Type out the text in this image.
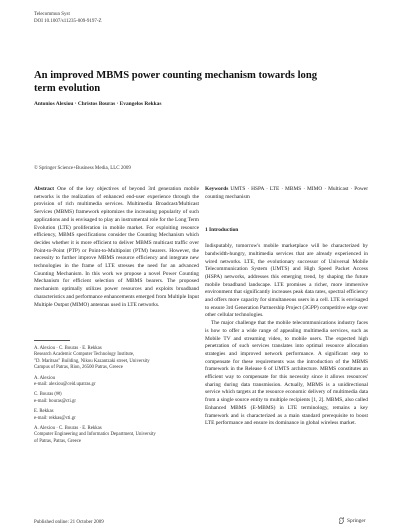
Telecommun Syst
DOI 10.1007/s11235-009-9197-Z
An improved MBMS power counting mechanism towards long term evolution
Antonios Alexiou · Christos Bouras · Evangelos Rekkas
© Springer Science+Business Media, LLC 2009

Abstract One of the key objectives of beyond 3rd generation mobile networks is the realization of enhanced end-user experience through the provision of rich multimedia services. Multimedia Broadcast/Multicast Services (MBMS) framework epitomizes the increasing popularity of such applications and is envisaged to play an instrumental role for the Long Term Evolution (LTE) proliferation in mobile market. For exploiting resource efficiency, MBMS specifications consider the Counting Mechanism which decides whether it is more efficient to deliver MBMS multicast traffic over Point-to-Point (PTP) or Point-to-Multipoint (PTM) bearers. However, the necessity to further improve MBMS resource efficiency and integrate new technologies in the frame of LTE stresses the need for an advanced Counting Mechanism. In this work we propose a novel Power Counting Mechanism for efficient selection of MBMS bearers. The proposed mechanism optimally utilizes power resources and exploits broadband characteristics and performance enhancements emerged from Multiple Input Multiple Output (MIMO) antennas used in LTE networks.

A. Alexiou · C. Bouras · E. Rekkas
Research Academic Computer Technology Institute,
"D. Maritsas" Building, Nikou Kazantzaki street, University
Campus of Patras, Rion, 26500 Patras, Greece

A. Alexiou
e-mail: alexiou@ceid.upatras.gr

C. Bouras (✉)
e-mail: bouras@cti.gr

E. Rekkas
e-mail: rekkas@cti.gr

A. Alexiou · C. Bouras · E. Rekkas
Computer Engineering and Informatics Department, University
of Patras, Patras, Greece

Keywords UMTS · HSPA · LTE · MBMS · MIMO · Multicast · Power counting mechanism

1 Introduction

Indisputably, tomorrow's mobile marketplace will be characterized by bandwidth-hungry, multimedia services that are already experienced in wired networks. LTE, the evolutionary successor of Universal Mobile Telecommunication System (UMTS) and High Speed Packet Access (HSPA) networks, addresses this emerging trend, by shaping the future mobile broadband landscape. LTE promises a richer, more immersive environment that significantly increases peak data rates, spectral efficiency and offers more capacity for simultaneous users in a cell. LTE is envisaged to ensure 3rd Generation Partnership Project (3GPP) competitive edge over other cellular technologies.

The major challenge that the mobile telecommunications industry faces is how to offer a wide range of appealing multimedia services, such as Mobile TV and streaming video, to mobile users. The expected high penetration of such services translates into optimal resource allocation strategies and improved network performance. A significant step to compensate for these requirements was the introduction of the MBMS framework in the Release 6 of UMTS architecture. MBMS constitutes an efficient way to compensate for this necessity since it allows resources' sharing during data transmission. Actually, MBMS is a unidirectional service which targets at the resource economic delivery of multimedia data from a single source entity to multiple recipients [1, 2]. MBMS, also called Enhanced MBMS (E-MBMS) in LTE terminology, remains a key framework and is characterized as a main standard prerequisite to boost LTE performance and ensure its dominance in global wireless market.

Published online: 21 October 2009	Springer
